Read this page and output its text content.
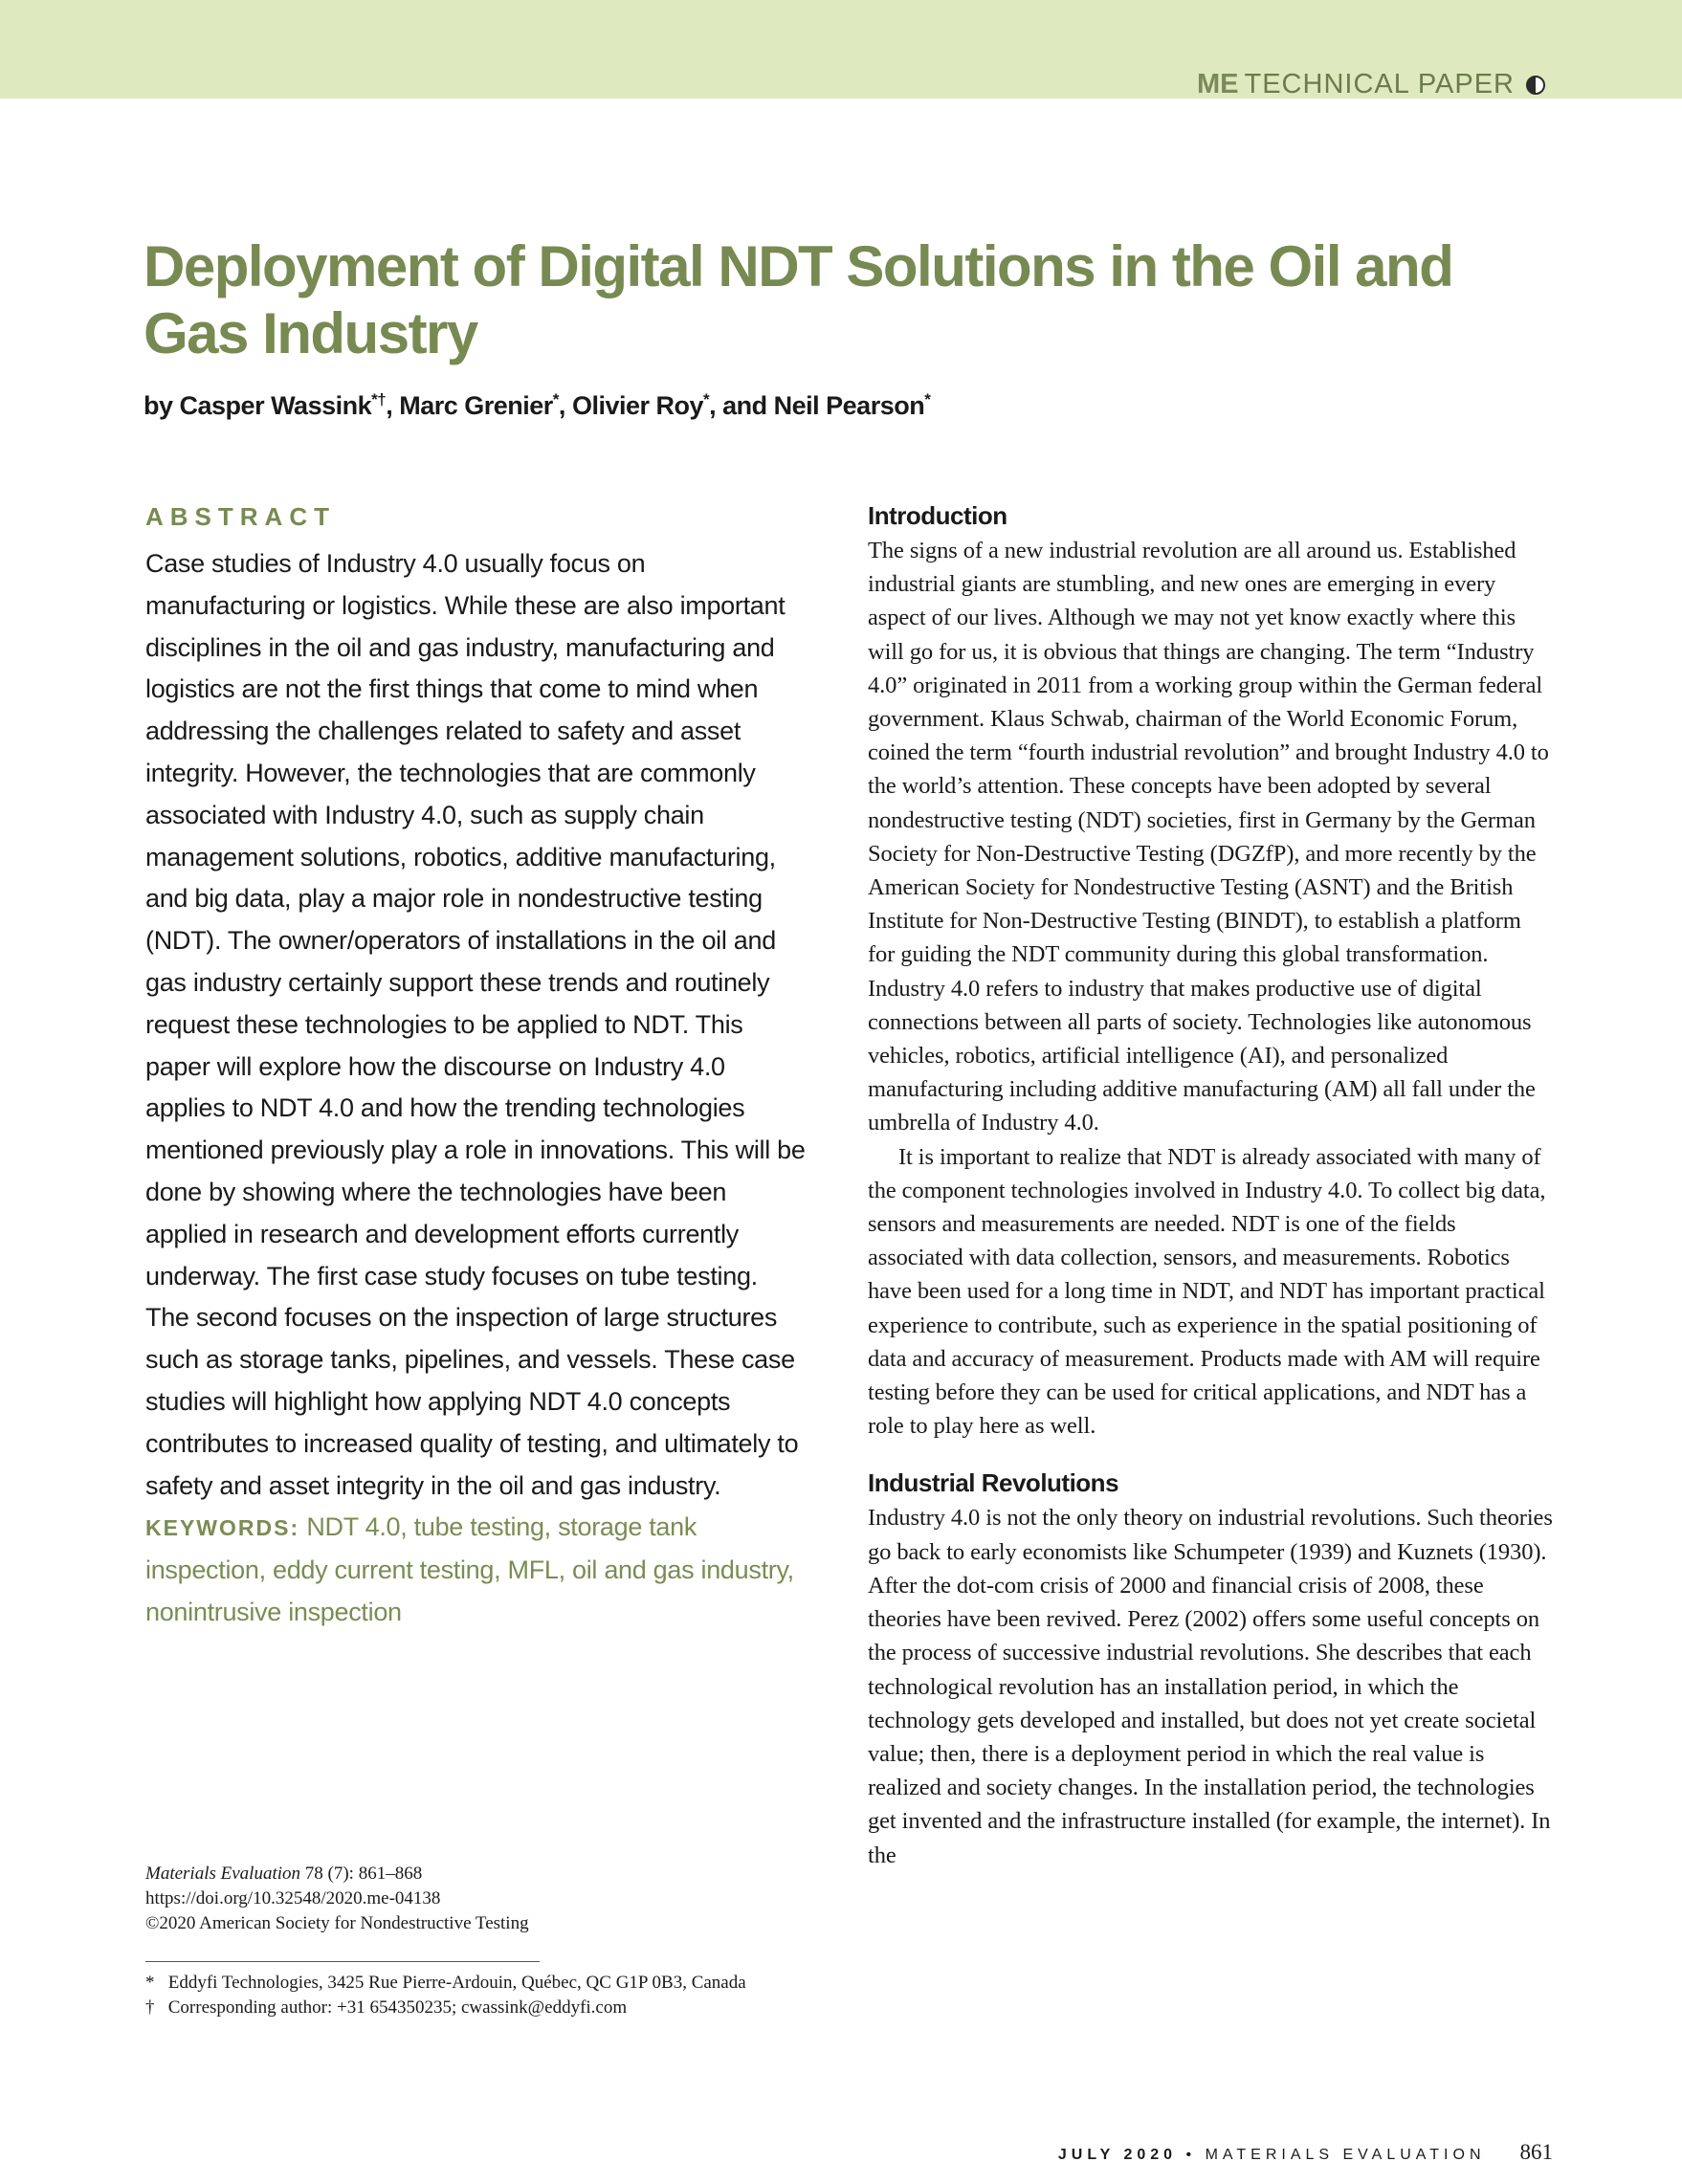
ME TECHNICAL PAPER
Deployment of Digital NDT Solutions in the Oil and Gas Industry
by Casper Wassink*†, Marc Grenier*, Olivier Roy*, and Neil Pearson*
ABSTRACT
Case studies of Industry 4.0 usually focus on manufacturing or logistics. While these are also important disciplines in the oil and gas industry, manufacturing and logistics are not the first things that come to mind when addressing the challenges related to safety and asset integrity. However, the technologies that are commonly associated with Industry 4.0, such as supply chain management solutions, robotics, additive manufacturing, and big data, play a major role in nondestructive testing (NDT). The owner/operators of installations in the oil and gas industry certainly support these trends and routinely request these technologies to be applied to NDT. This paper will explore how the discourse on Industry 4.0 applies to NDT 4.0 and how the trending technologies mentioned previously play a role in innovations. This will be done by showing where the technologies have been applied in research and development efforts currently underway. The first case study focuses on tube testing. The second focuses on the inspection of large structures such as storage tanks, pipelines, and vessels. These case studies will highlight how applying NDT 4.0 concepts contributes to increased quality of testing, and ultimately to safety and asset integrity in the oil and gas industry.
KEYWORDS: NDT 4.0, tube testing, storage tank inspection, eddy current testing, MFL, oil and gas industry, nonintrusive inspection
Materials Evaluation 78 (7): 861–868
https://doi.org/10.32548/2020.me-04138
©2020 American Society for Nondestructive Testing
* Eddyfi Technologies, 3425 Rue Pierre-Ardouin, Québec, QC G1P 0B3, Canada
† Corresponding author: +31 654350235; cwassink@eddyfi.com
Introduction

The signs of a new industrial revolution are all around us. Established industrial giants are stumbling, and new ones are emerging in every aspect of our lives. Although we may not yet know exactly where this will go for us, it is obvious that things are changing. The term “Industry 4.0” originated in 2011 from a working group within the German federal government. Klaus Schwab, chairman of the World Economic Forum, coined the term “fourth industrial revolution” and brought Industry 4.0 to the world’s attention. These concepts have been adopted by several nondestructive testing (NDT) societies, first in Germany by the German Society for Non-Destructive Testing (DGZfP), and more recently by the American Society for Nondestructive Testing (ASNT) and the British Institute for Non-Destructive Testing (BINDT), to establish a platform for guiding the NDT community during this global transformation. Industry 4.0 refers to industry that makes productive use of digital connections between all parts of society. Technologies like autonomous vehicles, robotics, artificial intelligence (AI), and personalized manufacturing including additive manufacturing (AM) all fall under the umbrella of Industry 4.0.

It is important to realize that NDT is already associated with many of the component technologies involved in Industry 4.0. To collect big data, sensors and measurements are needed. NDT is one of the fields associated with data collection, sensors, and measurements. Robotics have been used for a long time in NDT, and NDT has important practical experience to contribute, such as experience in the spatial positioning of data and accuracy of measurement. Products made with AM will require testing before they can be used for critical applications, and NDT has a role to play here as well.

Industrial Revolutions

Industry 4.0 is not the only theory on industrial revolutions. Such theories go back to early economists like Schumpeter (1939) and Kuznets (1930). After the dot-com crisis of 2000 and financial crisis of 2008, these theories have been revived. Perez (2002) offers some useful concepts on the process of successive industrial revolutions. She describes that each technological revolution has an installation period, in which the technology gets developed and installed, but does not yet create societal value; then, there is a deployment period in which the real value is realized and society changes. In the installation period, the technologies get invented and the infrastructure installed (for example, the internet). In the

JULY 2020 • MATERIALS EVALUATION 861
